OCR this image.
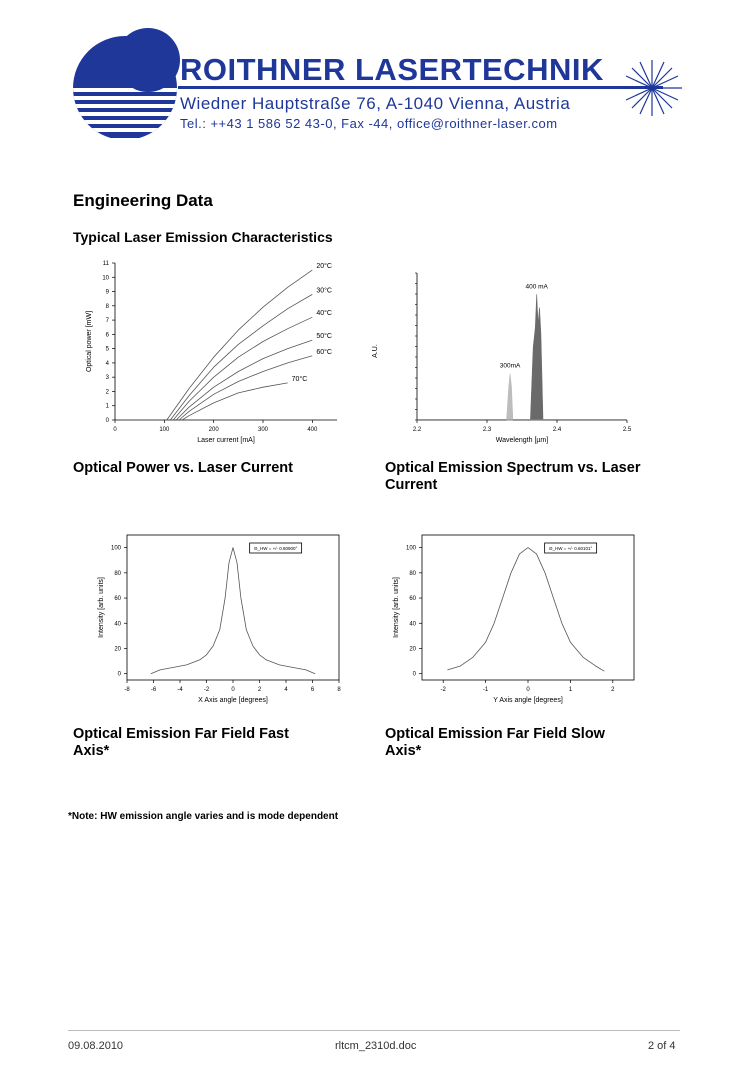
ROITHNER LASERTECHNIK
Wiedner Hauptstraße 76, A-1040 Vienna, Austria
Tel.: ++43 1 586 52 43-0, Fax -44, office@roithner-laser.com
Engineering Data
Typical Laser Emission Characteristics
0	100	200	300	400
0
1
2
3
4
5
6
7
8
9
10
11
Laser current [mA]
Optical power [mW]
20°C
30°C
40°C
50°C
60°C
70°C
2.2	2.3	2.4	2.5
Wavelength [µm]
A.U.
300mA
400 mA
-8	-6	-4	-2	0	2	4	6	8
0
20
40
60
80
100
X Axis angle [degrees]
Intensity [arb. units]
Θ_HW = +/- 0.80900°
-2	-1	0	1	2
0
20
40
60
80
100
Y Axis angle [degrees]
Intensity [arb. units]
Θ_HW = +/- 0.60101°
Optical Power vs. Laser Current	Optical Emission Spectrum vs. Laser Current
Optical Emission Far Field Fast Axis*
Optical Emission Far Field Slow Axis*
*Note: HW emission angle varies and is mode dependent
09.08.2010	rltcm_2310d.doc	2 of 4
